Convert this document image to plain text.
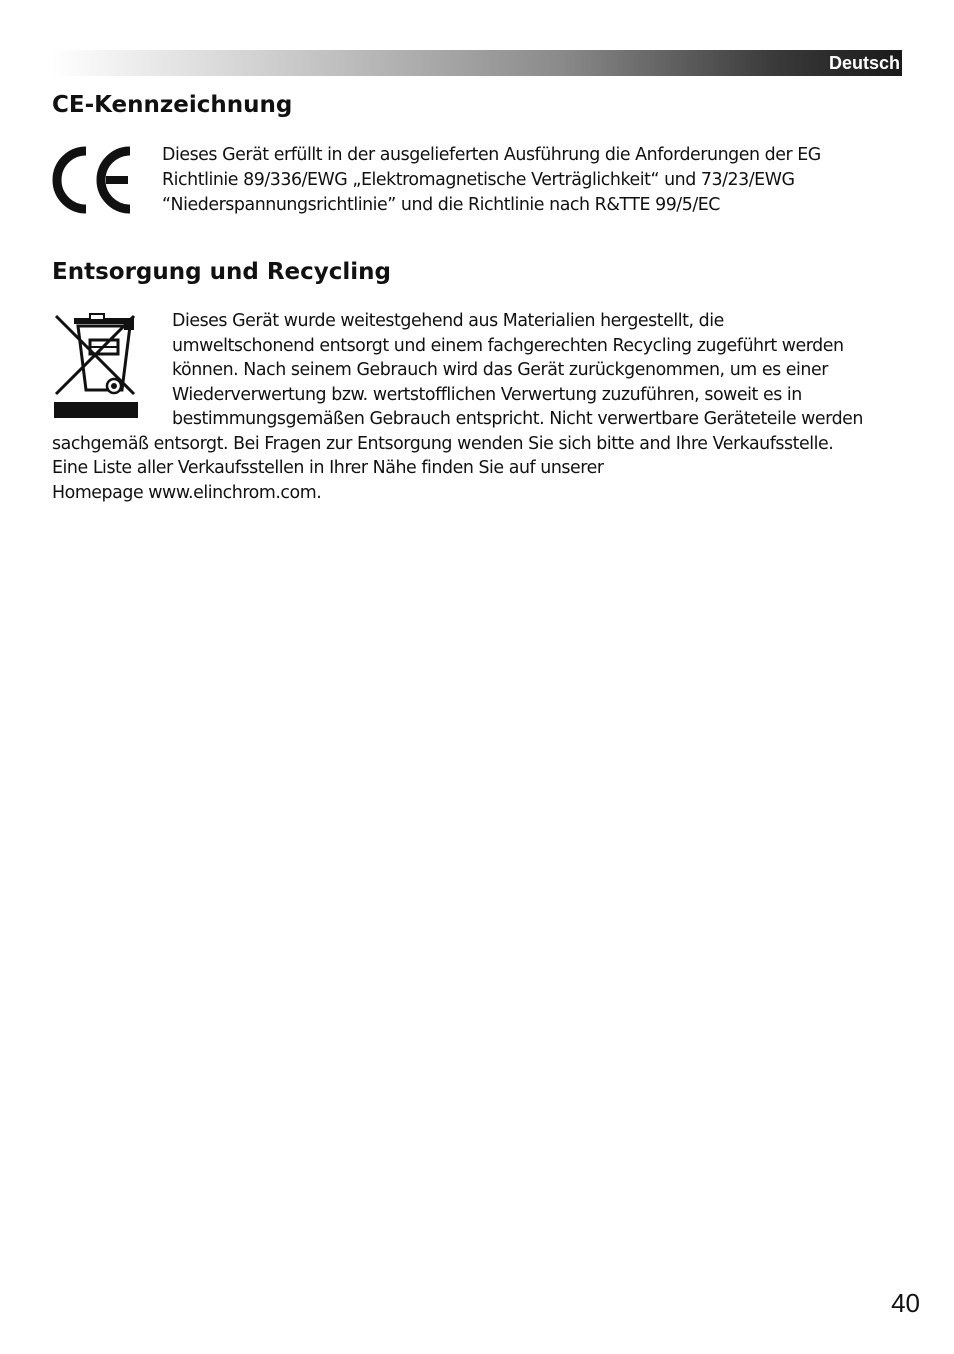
Deutsch
CE-Kennzeichnung
Dieses Gerät erfüllt in der ausgelieferten Ausführung die Anforderungen der EG
Richtlinie 89/336/EWG „Elektromagnetische Verträglichkeit“ und 73/23/EWG
“Niederspannungsrichtlinie” und die Richtlinie nach R&TTE 99/5/EC
Entsorgung und Recycling
Dieses Gerät wurde weitestgehend aus Materialien hergestellt, die
umweltschonend entsorgt und einem fachgerechten Recycling zugeführt werden
können. Nach seinem Gebrauch wird das Gerät zurückgenommen, um es einer
Wiederverwertung bzw. wertstofflichen Verwertung zuzuführen, soweit es in
bestimmungsgemäßen Gebrauch entspricht. Nicht verwertbare Geräteteile werden
sachgemäß entsorgt. Bei Fragen zur Entsorgung wenden Sie sich bitte and Ihre Verkaufsstelle.
Eine Liste aller Verkaufsstellen in Ihrer Nähe finden Sie auf unserer
Homepage www.elinchrom.com.
40
